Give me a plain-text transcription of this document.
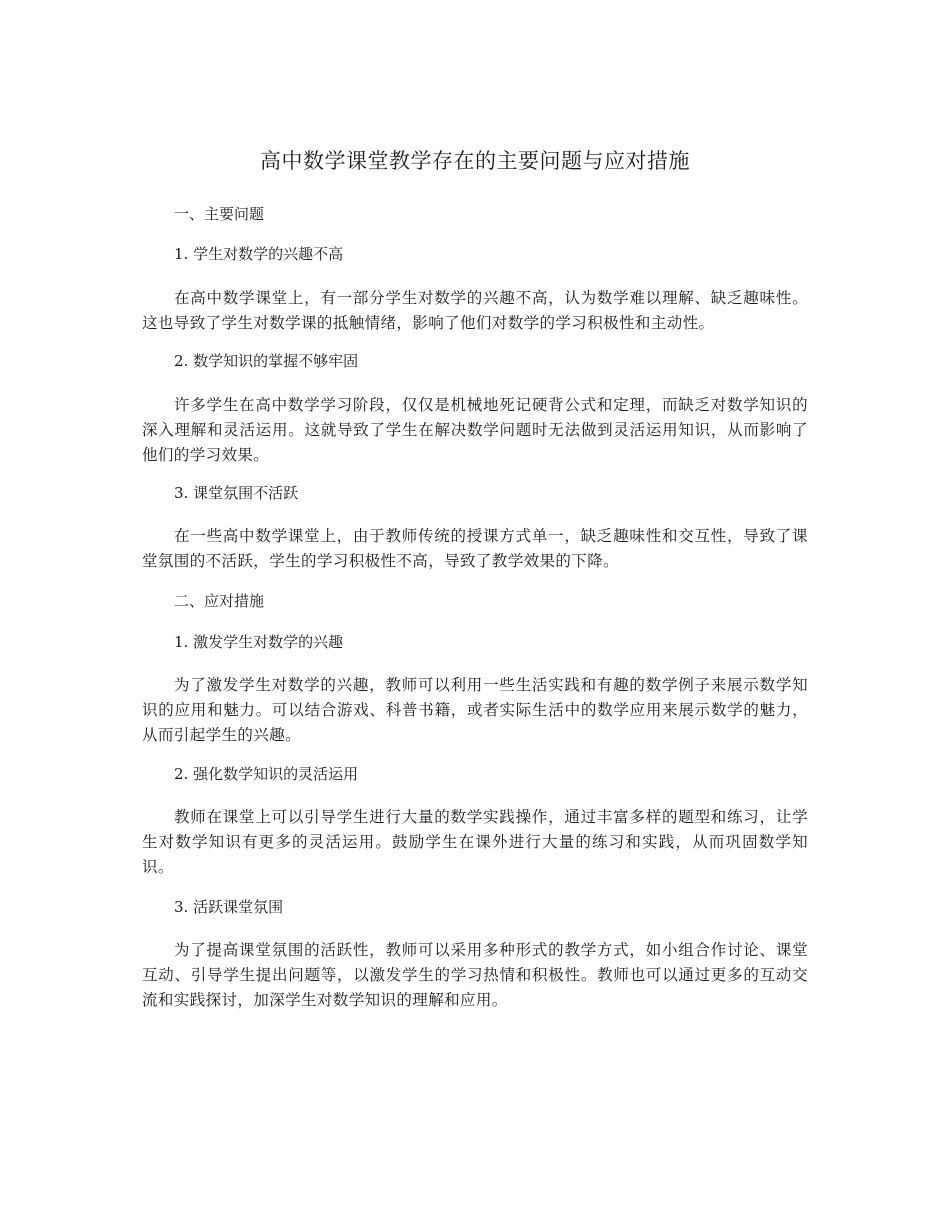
高中数学课堂教学存在的主要问题与应对措施
一、主要问题
1. 学生对数学的兴趣不高
在高中数学课堂上，有一部分学生对数学的兴趣不高，认为数学难以理解、缺乏趣味性。这也导致了学生对数学课的抵触情绪，影响了他们对数学的学习积极性和主动性。
2. 数学知识的掌握不够牢固
许多学生在高中数学学习阶段，仅仅是机械地死记硬背公式和定理，而缺乏对数学知识的深入理解和灵活运用。这就导致了学生在解决数学问题时无法做到灵活运用知识，从而影响了他们的学习效果。
3. 课堂氛围不活跃
在一些高中数学课堂上，由于教师传统的授课方式单一，缺乏趣味性和交互性，导致了课堂氛围的不活跃，学生的学习积极性不高，导致了教学效果的下降。
二、应对措施
1. 激发学生对数学的兴趣
为了激发学生对数学的兴趣，教师可以利用一些生活实践和有趣的数学例子来展示数学知识的应用和魅力。可以结合游戏、科普书籍，或者实际生活中的数学应用来展示数学的魅力，从而引起学生的兴趣。
2. 强化数学知识的灵活运用
教师在课堂上可以引导学生进行大量的数学实践操作，通过丰富多样的题型和练习，让学生对数学知识有更多的灵活运用。鼓励学生在课外进行大量的练习和实践，从而巩固数学知识。
3. 活跃课堂氛围
为了提高课堂氛围的活跃性，教师可以采用多种形式的教学方式，如小组合作讨论、课堂互动、引导学生提出问题等，以激发学生的学习热情和积极性。教师也可以通过更多的互动交流和实践探讨，加深学生对数学知识的理解和应用。
